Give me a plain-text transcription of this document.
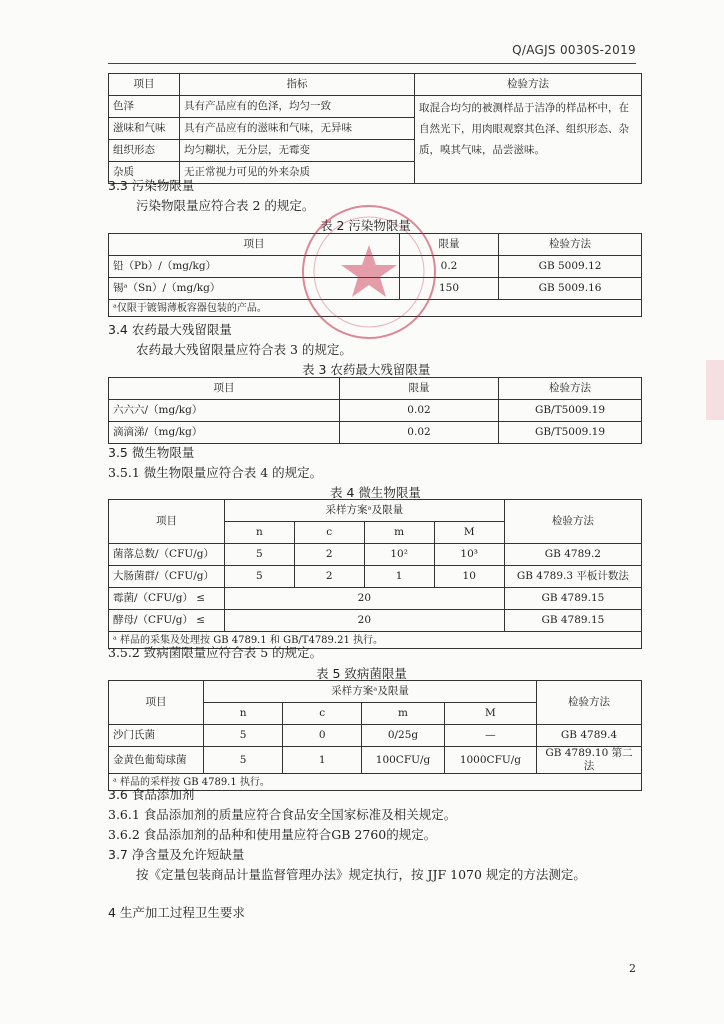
Q/AGJS 0030S-2019
项目	指标	检验方法
色泽	具有产品应有的色泽，均匀一致	取混合均匀的被测样品于洁净的样品杯中，在自然光下，用肉眼观察其色泽、组织形态、杂质，嗅其气味，品尝滋味。
滋味和气味	具有产品应有的滋味和气味，无异味	
组织形态	均匀糊状，无分层，无霉变	
杂质	无正常视力可见的外来杂质	
3.3 污染物限量
污染物限量应符合表 2 的规定。
表 2 污染物限量
项目	限量	检验方法
铅（Pb）/（mg/kg）	0.2	GB 5009.12
锡ᵃ（Sn）/（mg/kg）	150	GB 5009.16
ᵃ仅限于镀锡薄板容器包装的产品。		
3.4 农药最大残留限量
农药最大残留限量应符合表 3 的规定。
表 3 农药最大残留限量
项目	限量	检验方法
六六六/（mg/kg）	0.02	GB/T5009.19
滴滴涕/（mg/kg）	0.02	GB/T5009.19
3.5 微生物限量
3.5.1 微生物限量应符合表 4 的规定。
表 4 微生物限量
项目	采样方案ᵃ及限量				检验方法
	n	c	m	M	
菌落总数/（CFU/g）	5	2	10²	10³	GB 4789.2
大肠菌群/（CFU/g）	5	2	1	10	GB 4789.3 平板计数法
霉菌/（CFU/g） ≤	20				GB 4789.15
酵母/（CFU/g） ≤	20				GB 4789.15
ᵃ 样品的采集及处理按 GB 4789.1 和 GB/T4789.21 执行。					
3.5.2 致病菌限量应符合表 5 的规定。
表 5 致病菌限量
项目	采样方案ᵃ及限量				检验方法
	n	c	m	M	
沙门氏菌	5	0	0/25g	—	GB 4789.4
金黄色葡萄球菌	5	1	100CFU/g	1000CFU/g	GB 4789.10 第二法
ᵃ 样品的采样按 GB 4789.1 执行。					
3.6 食品添加剂
3.6.1 食品添加剂的质量应符合食品安全国家标准及相关规定。
3.6.2 食品添加剂的品种和使用量应符合GB 2760的规定。
3.7 净含量及允许短缺量
按《定量包装商品计量监督管理办法》规定执行，按 JJF 1070 规定的方法测定。
4 生产加工过程卫生要求
2
